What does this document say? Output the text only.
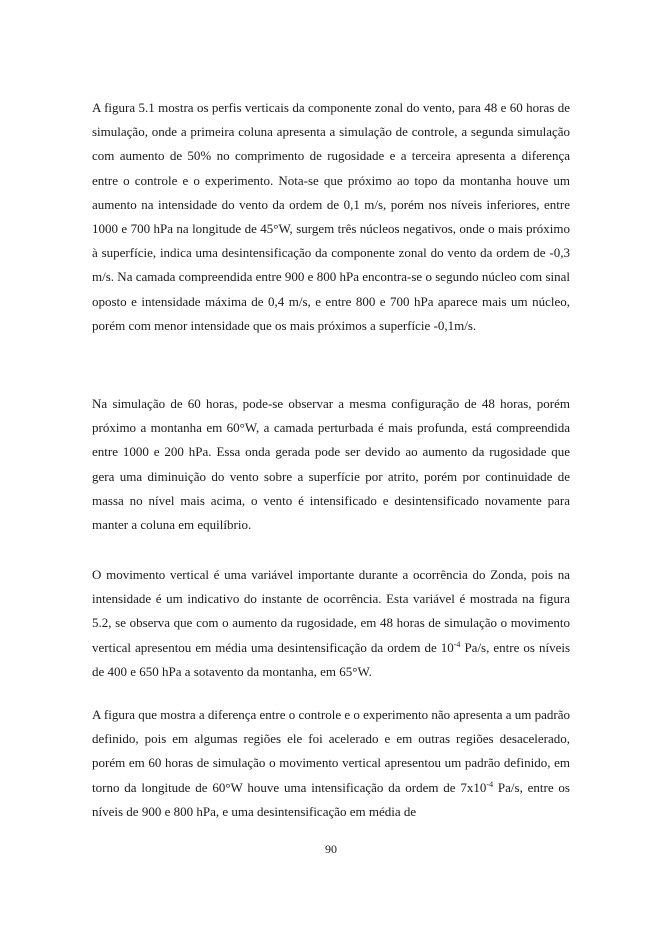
A figura 5.1 mostra os perfis verticais da componente zonal do vento, para 48 e 60 horas de simulação, onde a primeira coluna apresenta a simulação de controle, a segunda simulação com aumento de 50% no comprimento de rugosidade e a terceira apresenta a diferença entre o controle e o experimento. Nota-se que próximo ao topo da montanha houve um aumento na intensidade do vento da ordem de 0,1 m/s, porém nos níveis inferiores, entre 1000 e 700 hPa na longitude de 45°W, surgem três núcleos negativos, onde o mais próximo à superfície, indica uma desintensificação da componente zonal do vento da ordem de -0,3 m/s. Na camada compreendida entre 900 e 800 hPa encontra-se o segundo núcleo com sinal oposto e intensidade máxima de 0,4 m/s, e entre 800 e 700 hPa aparece mais um núcleo, porém com menor intensidade que os mais próximos a superfície -0,1m/s.

Na simulação de 60 horas, pode-se observar a mesma configuração de 48 horas, porém próximo a montanha em 60°W, a camada perturbada é mais profunda, está compreendida entre 1000 e 200 hPa. Essa onda gerada pode ser devido ao aumento da rugosidade que gera uma diminuição do vento sobre a superfície por atrito, porém por continuidade de massa no nível mais acima, o vento é intensificado e desintensificado novamente para manter a coluna em equilíbrio.

O movimento vertical é uma variável importante durante a ocorrência do Zonda, pois na intensidade é um indicativo do instante de ocorrência. Esta variável é mostrada na figura 5.2, se observa que com o aumento da rugosidade, em 48 horas de simulação o movimento vertical apresentou em média uma desintensificação da ordem de $10^{-4}$ Pa/s, entre os níveis de 400 e 650 hPa a sotavento da montanha, em 65°W.

A figura que mostra a diferença entre o controle e o experimento não apresenta a um padrão definido, pois em algumas regiões ele foi acelerado e em outras regiões desacelerado, porém em 60 horas de simulação o movimento vertical apresentou um padrão definido, em torno da longitude de 60°W houve uma intensificação da ordem de $7x10^{-4}$ Pa/s, entre os níveis de 900 e 800 hPa, e uma desintensificação em média de

90
